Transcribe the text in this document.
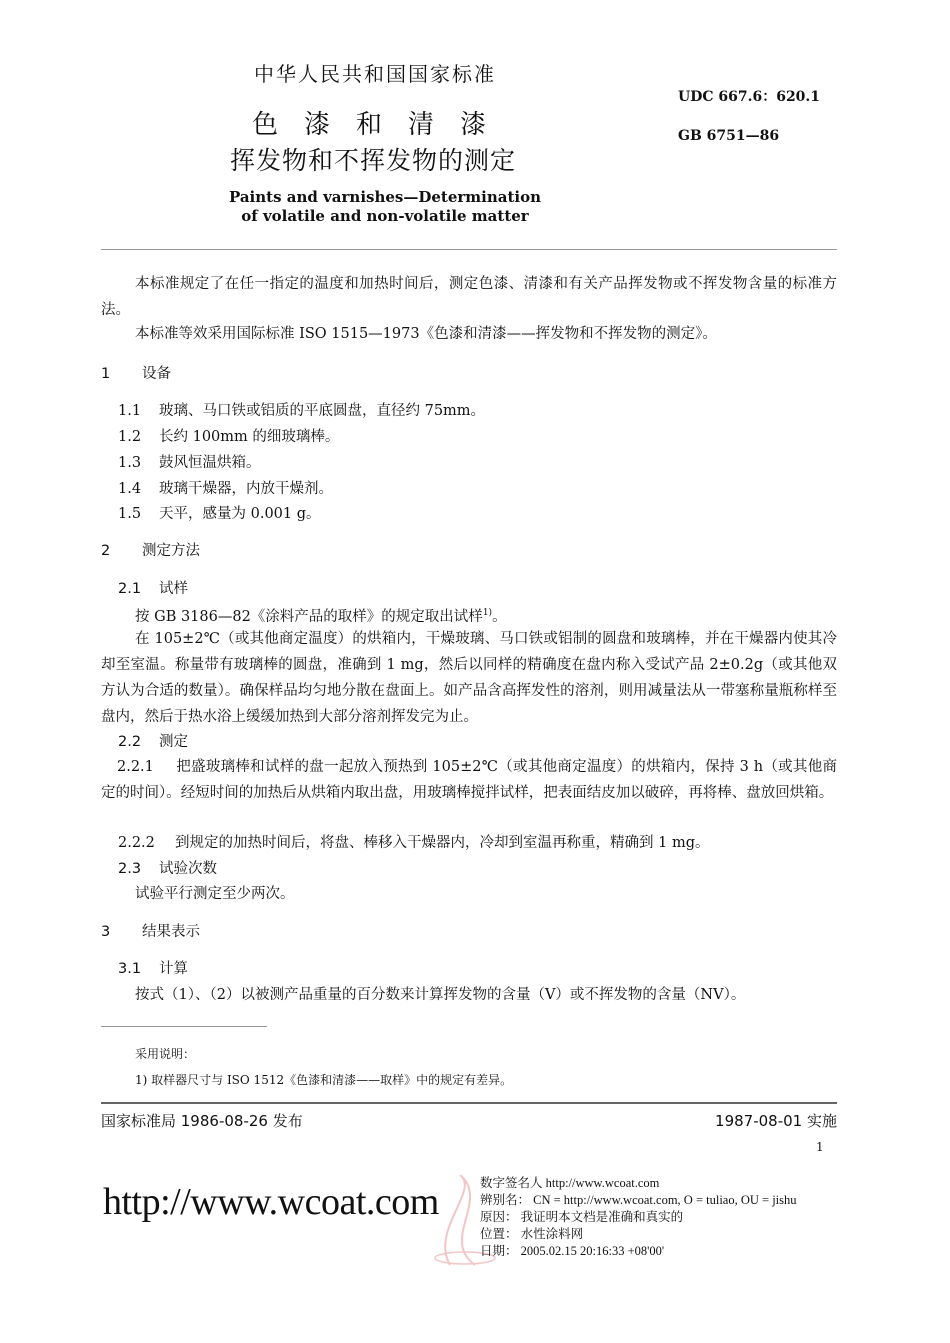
中华人民共和国国家标准
色漆和清漆
挥发物和不挥发物的测定
Paints and varnishes—Determination
of volatile and non-volatile matter
UDC 667.6：620.1
GB 6751—86
本标准规定了在任一指定的温度和加热时间后，测定色漆、清漆和有关产品挥发物或不挥发物含量的标准方法。
本标准等效采用国际标准 ISO 1515—1973《色漆和清漆——挥发物和不挥发物的测定》。
1 设备
1.1 玻璃、马口铁或铝质的平底圆盘，直径约 75mm。
1.2 长约 100mm 的细玻璃棒。
1.3 鼓风恒温烘箱。
1.4 玻璃干燥器，内放干燥剂。
1.5 天平，感量为 0.001 g。
2 测定方法
2.1 试样
按 GB 3186—82《涂料产品的取样》的规定取出试样$^{1)}$。
在 105±2℃（或其他商定温度）的烘箱内，干燥玻璃、马口铁或铝制的圆盘和玻璃棒，并在干燥器内使其冷却至室温。称量带有玻璃棒的圆盘，准确到 1 mg，然后以同样的精确度在盘内称入受试产品 2±0.2g（或其他双方认为合适的数量）。确保样品均匀地分散在盘面上。如产品含高挥发性的溶剂，则用减量法从一带塞称量瓶称样至盘内，然后于热水浴上缓缓加热到大部分溶剂挥发完为止。
2.2 测定
2.2.1 把盛玻璃棒和试样的盘一起放入预热到 105±2℃（或其他商定温度）的烘箱内，保持 3 h（或其他商定的时间）。经短时间的加热后从烘箱内取出盘，用玻璃棒搅拌试样，把表面结皮加以破碎，再将棒、盘放回烘箱。
2.2.2 到规定的加热时间后，将盘、棒移入干燥器内，冷却到室温再称重，精确到 1 mg。
2.3 试验次数
试验平行测定至少两次。
3 结果表示
3.1 计算
按式（1）、（2）以被测产品重量的百分数来计算挥发物的含量（V）或不挥发物的含量（NV）。
采用说明：
1) 取样器尺寸与 ISO 1512《色漆和清漆——取样》中的规定有差异。
国家标准局 1986-08-26 发布	1987-08-01 实施
1
http://www.wcoat.com	数字签名人 http://www.wcoat.com
辨别名： CN = http://www.wcoat.com, O = tuliao, OU = jishu
原因： 我证明本文档是准确和真实的
位置： 水性涂料网
日期： 2005.02.15 20:16:33 +08'00'
